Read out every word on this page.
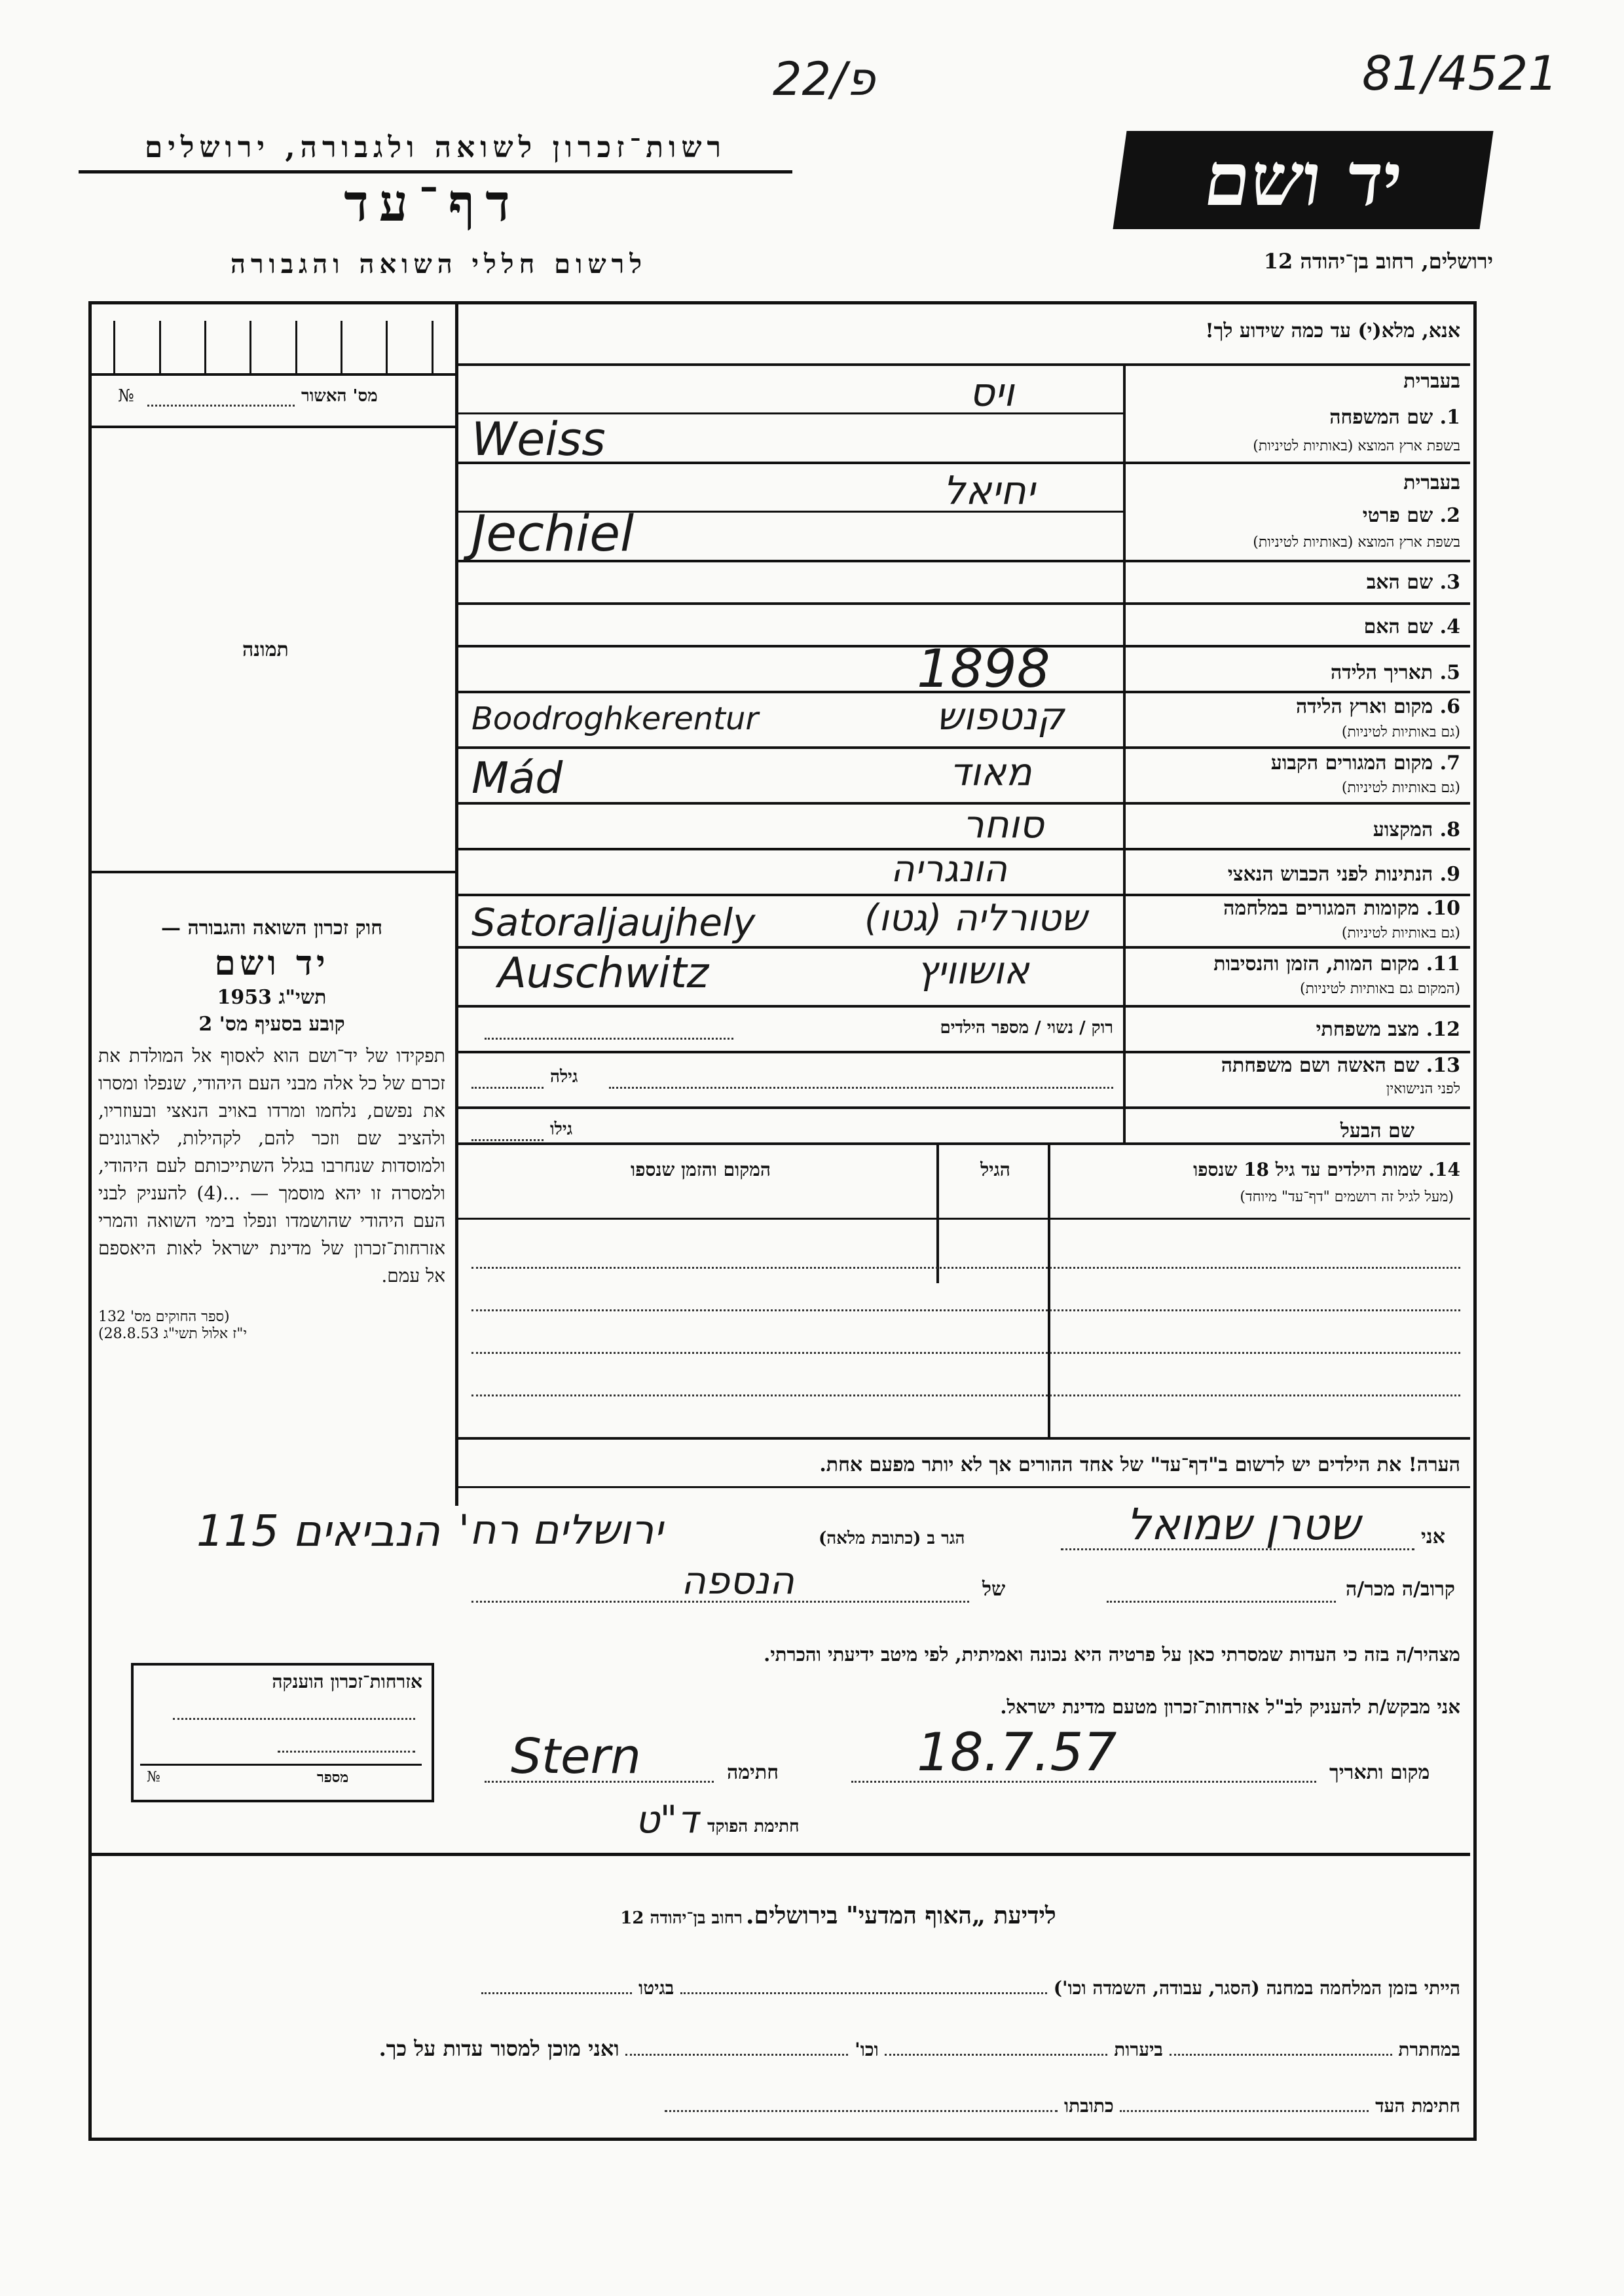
22/פ	81/4521
רשות־זכרון לשואה ולגבורה, ירושלים
דף־עד
לרשום חללי השואה והגבורה
יד ושם
ירושלים, רחוב בן־יהודה 12
מס' האשור
№
תמונה
חוק זכרון השואה והגבורה —
יד ושם
תשי"ג 1953
קובע בסעיף מס' 2
תפקידו של יד־ושם הוא לאסוף אל המולדת את זכרם של כל אלה מבני העם היהודי, שנפלו ומסרו את נפשם, נלחמו ומרדו באויב הנאצי ובעוזריו, ולהציב שם וזכר להם, לקהילות, לארגונים ולמוסדות שנחרבו בגלל השתייכותם לעם היהודי, ולמסרה זו יהא מוסמך — ...(4) להעניק לבני העם היהודי שהושמדו ונפלו בימי השואה והמרי אזרחות־זכרון של מדינת ישראל לאות היאספם אל עמם.
(ספר החוקים מס' 132
י"ז אלול תשי"ג 28.8.53)
אזרחות־זכרון הוענקה
№	מספר
אנא, מלא(י) עד כמה שידוע לך!
בעברית
1. שם המשפחה
בשפת ארץ המוצא (באותיות לטיניות)
ויס
Weiss
בעברית
2. שם פרטי
בשפת ארץ המוצא (באותיות לטיניות)
יחיאל
Jechiel
3. שם האב
4. שם האם
5. תאריך הלידה
1898
6. מקום וארץ הלידה
(גם באותיות לטיניות)
קנטפוש
Boodroghkerentur
7. מקום המגורים הקבוע
(גם באותיות לטיניות)
מאוד
Mád
8. המקצוע
סוחר
9. הנתינות לפני הכבוש הנאצי
הונגריה
10. מקומות המגורים במלחמה
(גם באותיות לטיניות)
שטורליה (גטו)
Satoraljaujhely
11. מקום המות, הזמן והנסיבות
(המקום גם באותיות לטיניות)
אושוויץ
Auschwitz
12. מצב משפחתי
רוק / נשוי / מספר הילדים
13. שם האשה ושם משפחתה
לפני הנישואין
גילה
שם הבעל
גילו
14. שמות הילדים עד גיל 18 שנספו
(מעל לגיל זה רושמים "דף־עד" מיוחד)
הגיל
המקום והזמן שנספו
הערה! את הילדים יש לרשום ב"דף־עד" של אחד ההורים אך לא יותר מפעם אחת.
אני
שטרן שמואל
הגר ב (כתובת מלאה)
ירושלים רח'
הנביאים 115
קרוב/ה מכר/ה
של
הנספה
מצהיר/ה בזה כי העדות שמסרתי כאן על פרטיה היא נכונה ואמיתית, לפי מיטב ידיעתי והכרתי.
אני מבקש/ת להעניק לב"ל אזרחות־זכרון מטעם מדינת ישראל.
מקום ותאריך
18.7.57
חתימה
Stern
חתימת הפוקד
ד"ט
לידיעת „האוף המדעי" בירושלים. רחוב בן־יהודה 12
הייתי בזמן המלחמה במחנה (הסגר, עבודה, השמדה וכו')  בגיטו
במחתרת  ביערות  וכו'  ואני מוכן למסור עדות על כך.
חתימת העד  כתובתו
